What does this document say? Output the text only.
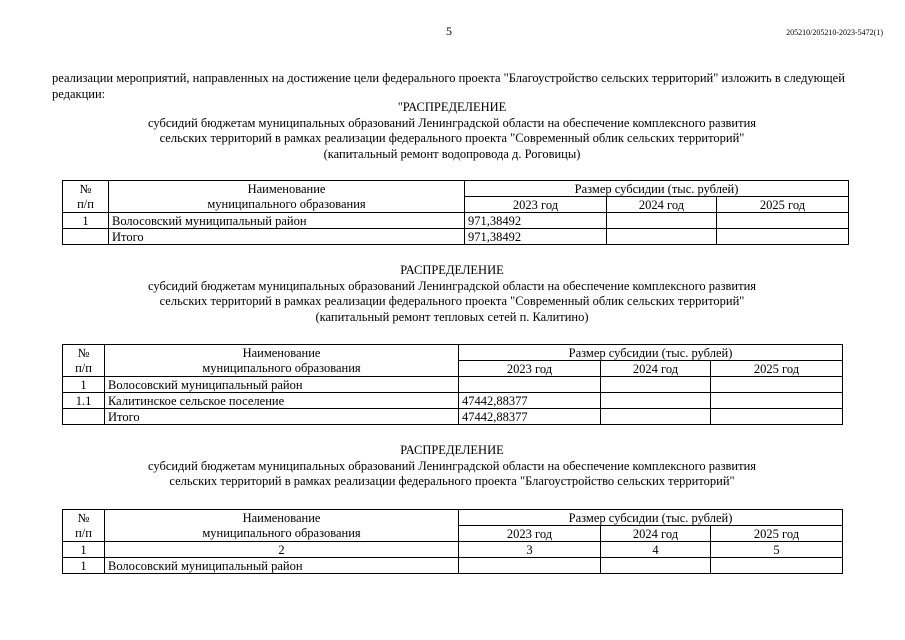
5	205210/205210-2023-5472(1)
реализации мероприятий, направленных на достижение цели федерального проекта "Благоустройство сельских территорий" изложить в следующей редакции:
"РАСПРЕДЕЛЕНИЕ
субсидий бюджетам муниципальных образований Ленинградской области на обеспечение комплексного развития
сельских территорий в рамках реализации федерального проекта "Современный облик сельских территорий"
(капитальный ремонт водопровода д. Роговицы)
№	Наименование	Размер субсидии (тыс. рублей)		
п/п	муниципального образования	2023 год	2024 год	2025 год
1	Волосовский муниципальный район	971,38492		
	Итого	971,38492		
РАСПРЕДЕЛЕНИЕ
субсидий бюджетам муниципальных образований Ленинградской области на обеспечение комплексного развития
сельских территорий в рамках реализации федерального проекта "Современный облик сельских территорий"
(капитальный ремонт тепловых сетей п. Калитино)
№	Наименование	Размер субсидии (тыс. рублей)		
п/п	муниципального образования	2023 год	2024 год	2025 год
1	Волосовский муниципальный район			
1.1	Калитинское сельское поселение	47442,88377		
	Итого	47442,88377		
РАСПРЕДЕЛЕНИЕ
субсидий бюджетам муниципальных образований Ленинградской области на обеспечение комплексного развития
сельских территорий в рамках реализации федерального проекта "Благоустройство сельских территорий"
№	Наименование	Размер субсидии (тыс. рублей)		
п/п	муниципального образования	2023 год	2024 год	2025 год
1	2	3	4	5
1	Волосовский муниципальный район			
